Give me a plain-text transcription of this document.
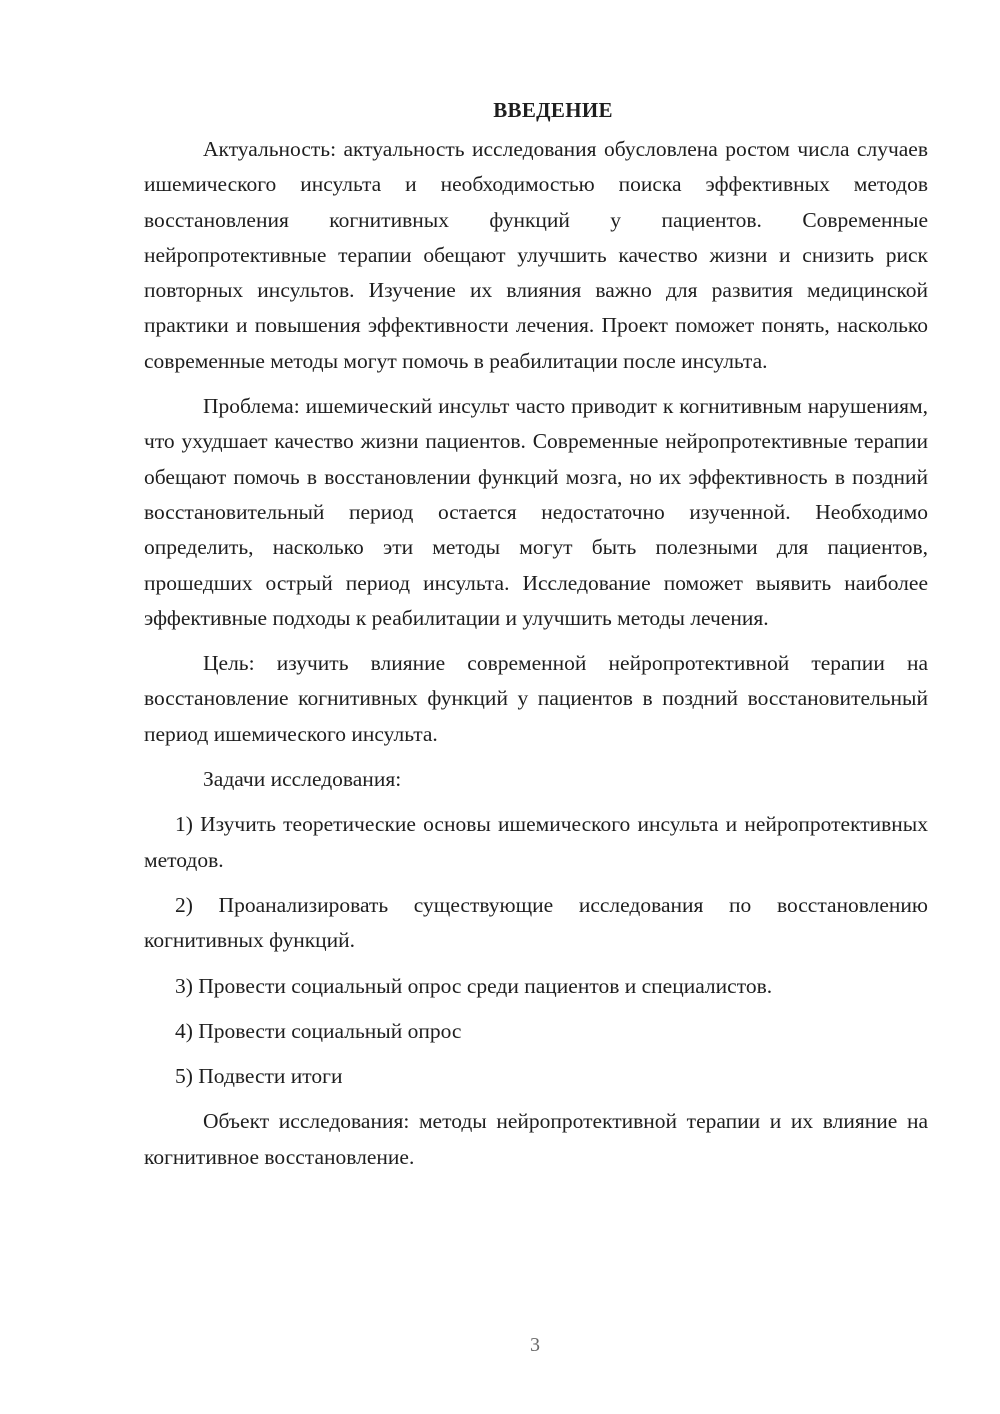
ВВЕДЕНИЕ

Актуальность: актуальность исследования обусловлена ростом числа случаев ишемического инсульта и необходимостью поиска эффективных методов восстановления когнитивных функций у пациентов. Современные нейропротективные терапии обещают улучшить качество жизни и снизить риск повторных инсультов. Изучение их влияния важно для развития медицинской практики и повышения эффективности лечения. Проект поможет понять, насколько современные методы могут помочь в реабилитации после инсульта.

Проблема: ишемический инсульт часто приводит к когнитивным нарушениям, что ухудшает качество жизни пациентов. Современные нейропротективные терапии обещают помочь в восстановлении функций мозга, но их эффективность в поздний восстановительный период остается недостаточно изученной. Необходимо определить, насколько эти методы могут быть полезными для пациентов, прошедших острый период инсульта. Исследование поможет выявить наиболее эффективные подходы к реабилитации и улучшить методы лечения.

Цель: изучить влияние современной нейропротективной терапии на восстановление когнитивных функций у пациентов в поздний восстановительный период ишемического инсульта.

Задачи исследования:

1) Изучить теоретические основы ишемического инсульта и нейропротективных методов.

2) Проанализировать существующие исследования по восстановлению когнитивных функций.

3) Провести социальный опрос среди пациентов и специалистов.

4) Провести социальный опрос

5) Подвести итоги

Объект исследования: методы нейропротективной терапии и их влияние на когнитивное восстановление.

3
